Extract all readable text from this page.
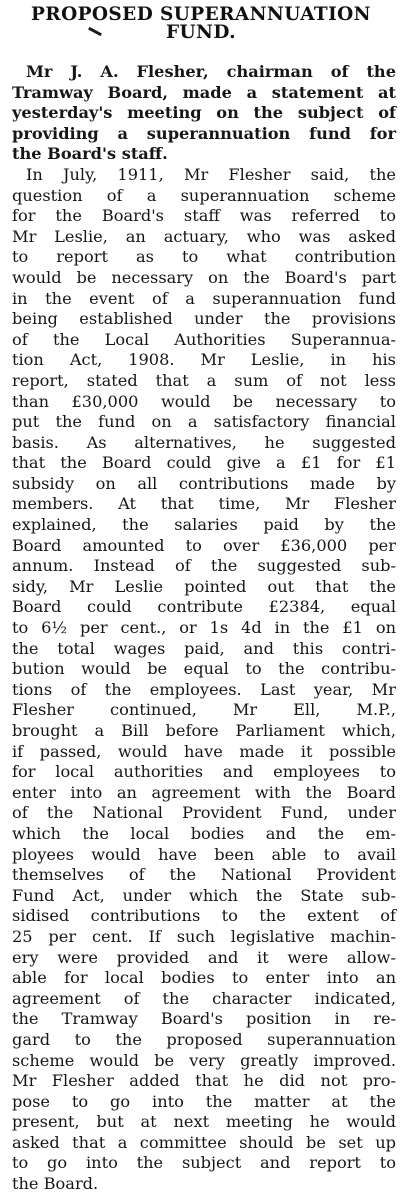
PROPOSED SUPERANNUATION
FUND.
Mr J. A. Flesher, chairman of the
Tramway Board, made a statement at
yesterday's meeting on the subject of
providing a superannuation fund for
the Board's staff.
In July, 1911, Mr Flesher said, the
question of a superannuation scheme
for the Board's staff was referred to
Mr Leslie, an actuary, who was asked
to report as to what contribution
would be necessary on the Board's part
in the event of a superannuation fund
being established under the provisions
of the Local Authorities Superannua-
tion Act, 1908. Mr Leslie, in his
report, stated that a sum of not less
than £30,000 would be necessary to
put the fund on a satisfactory financial
basis. As alternatives, he suggested
that the Board could give a £1 for £1
subsidy on all contributions made by
members. At that time, Mr Flesher
explained, the salaries paid by the
Board amounted to over £36,000 per
annum. Instead of the suggested sub-
sidy, Mr Leslie pointed out that the
Board could contribute £2384, equal
to 6½ per cent., or 1s 4d in the £1 on
the total wages paid, and this contri-
bution would be equal to the contribu-
tions of the employees. Last year, Mr
Flesher continued, Mr Ell, M.P.,
brought a Bill before Parliament which,
if passed, would have made it possible
for local authorities and employees to
enter into an agreement with the Board
of the National Provident Fund, under
which the local bodies and the em-
ployees would have been able to avail
themselves of the National Provident
Fund Act, under which the State sub-
sidised contributions to the extent of
25 per cent. If such legislative machin-
ery were provided and it were allow-
able for local bodies to enter into an
agreement of the character indicated,
the Tramway Board's position in re-
gard to the proposed superannuation
scheme would be very greatly improved.
Mr Flesher added that he did not pro-
pose to go into the matter at the
present, but at next meeting he would
asked that a committee should be set up
to go into the subject and report to
the Board.
